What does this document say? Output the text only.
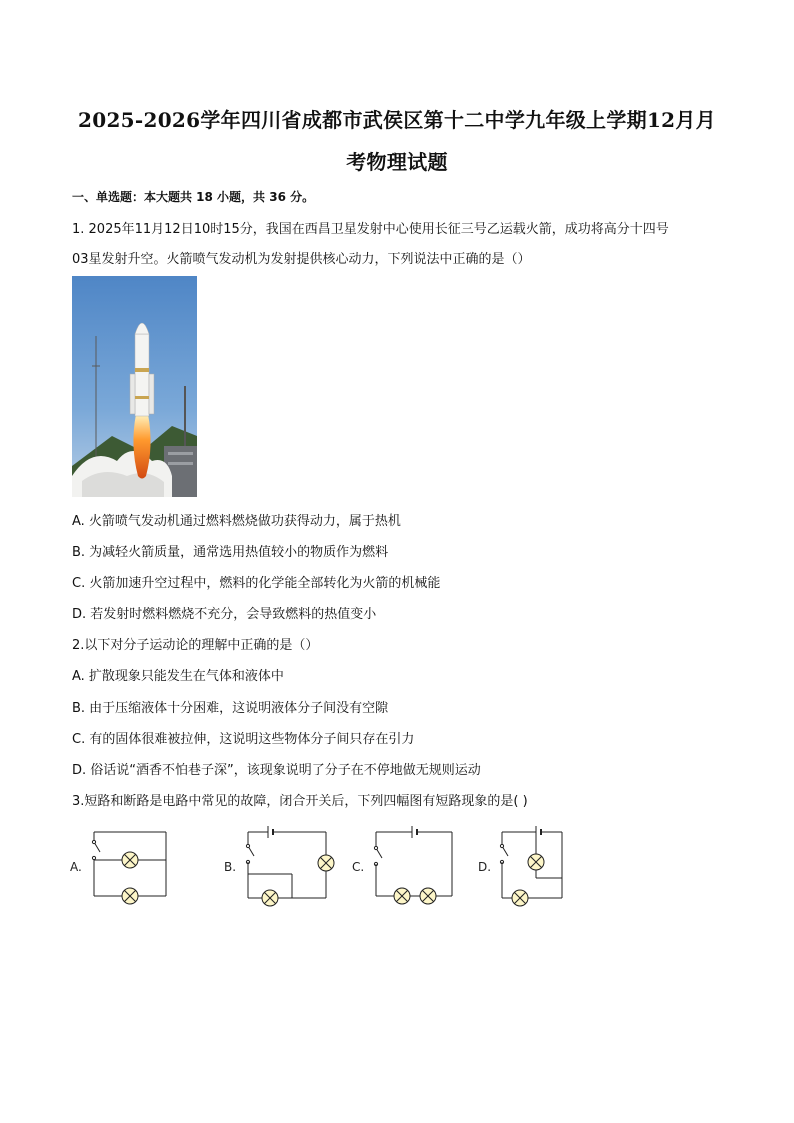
2025-2026学年四川省成都市武侯区第十二中学九年级上学期12月月
考物理试题
一、单选题：本大题共 18 小题，共 36 分。
1. 2025年11月12日10时15分，我国在西昌卫星发射中心使用长征三号乙运载火箭，成功将高分十四号
03星发射升空。火箭喷气发动机为发射提供核心动力，下列说法中正确的是（）
A. 火箭喷气发动机通过燃料燃烧做功获得动力，属于热机
B. 为减轻火箭质量，通常选用热值较小的物质作为燃料
C. 火箭加速升空过程中，燃料的化学能全部转化为火箭的机械能
D. 若发射时燃料燃烧不充分，会导致燃料的热值变小
2.以下对分子运动论的理解中正确的是（）
A. 扩散现象只能发生在气体和液体中
B. 由于压缩液体十分困难，这说明液体分子间没有空隙
C. 有的固体很难被拉伸，这说明这些物体分子间只存在引力
D. 俗话说“酒香不怕巷子深”，该现象说明了分子在不停地做无规则运动
3.短路和断路是电路中常见的故障，闭合开关后，下列四幅图有短路现象的是( )
A.	B.	C.	D.
